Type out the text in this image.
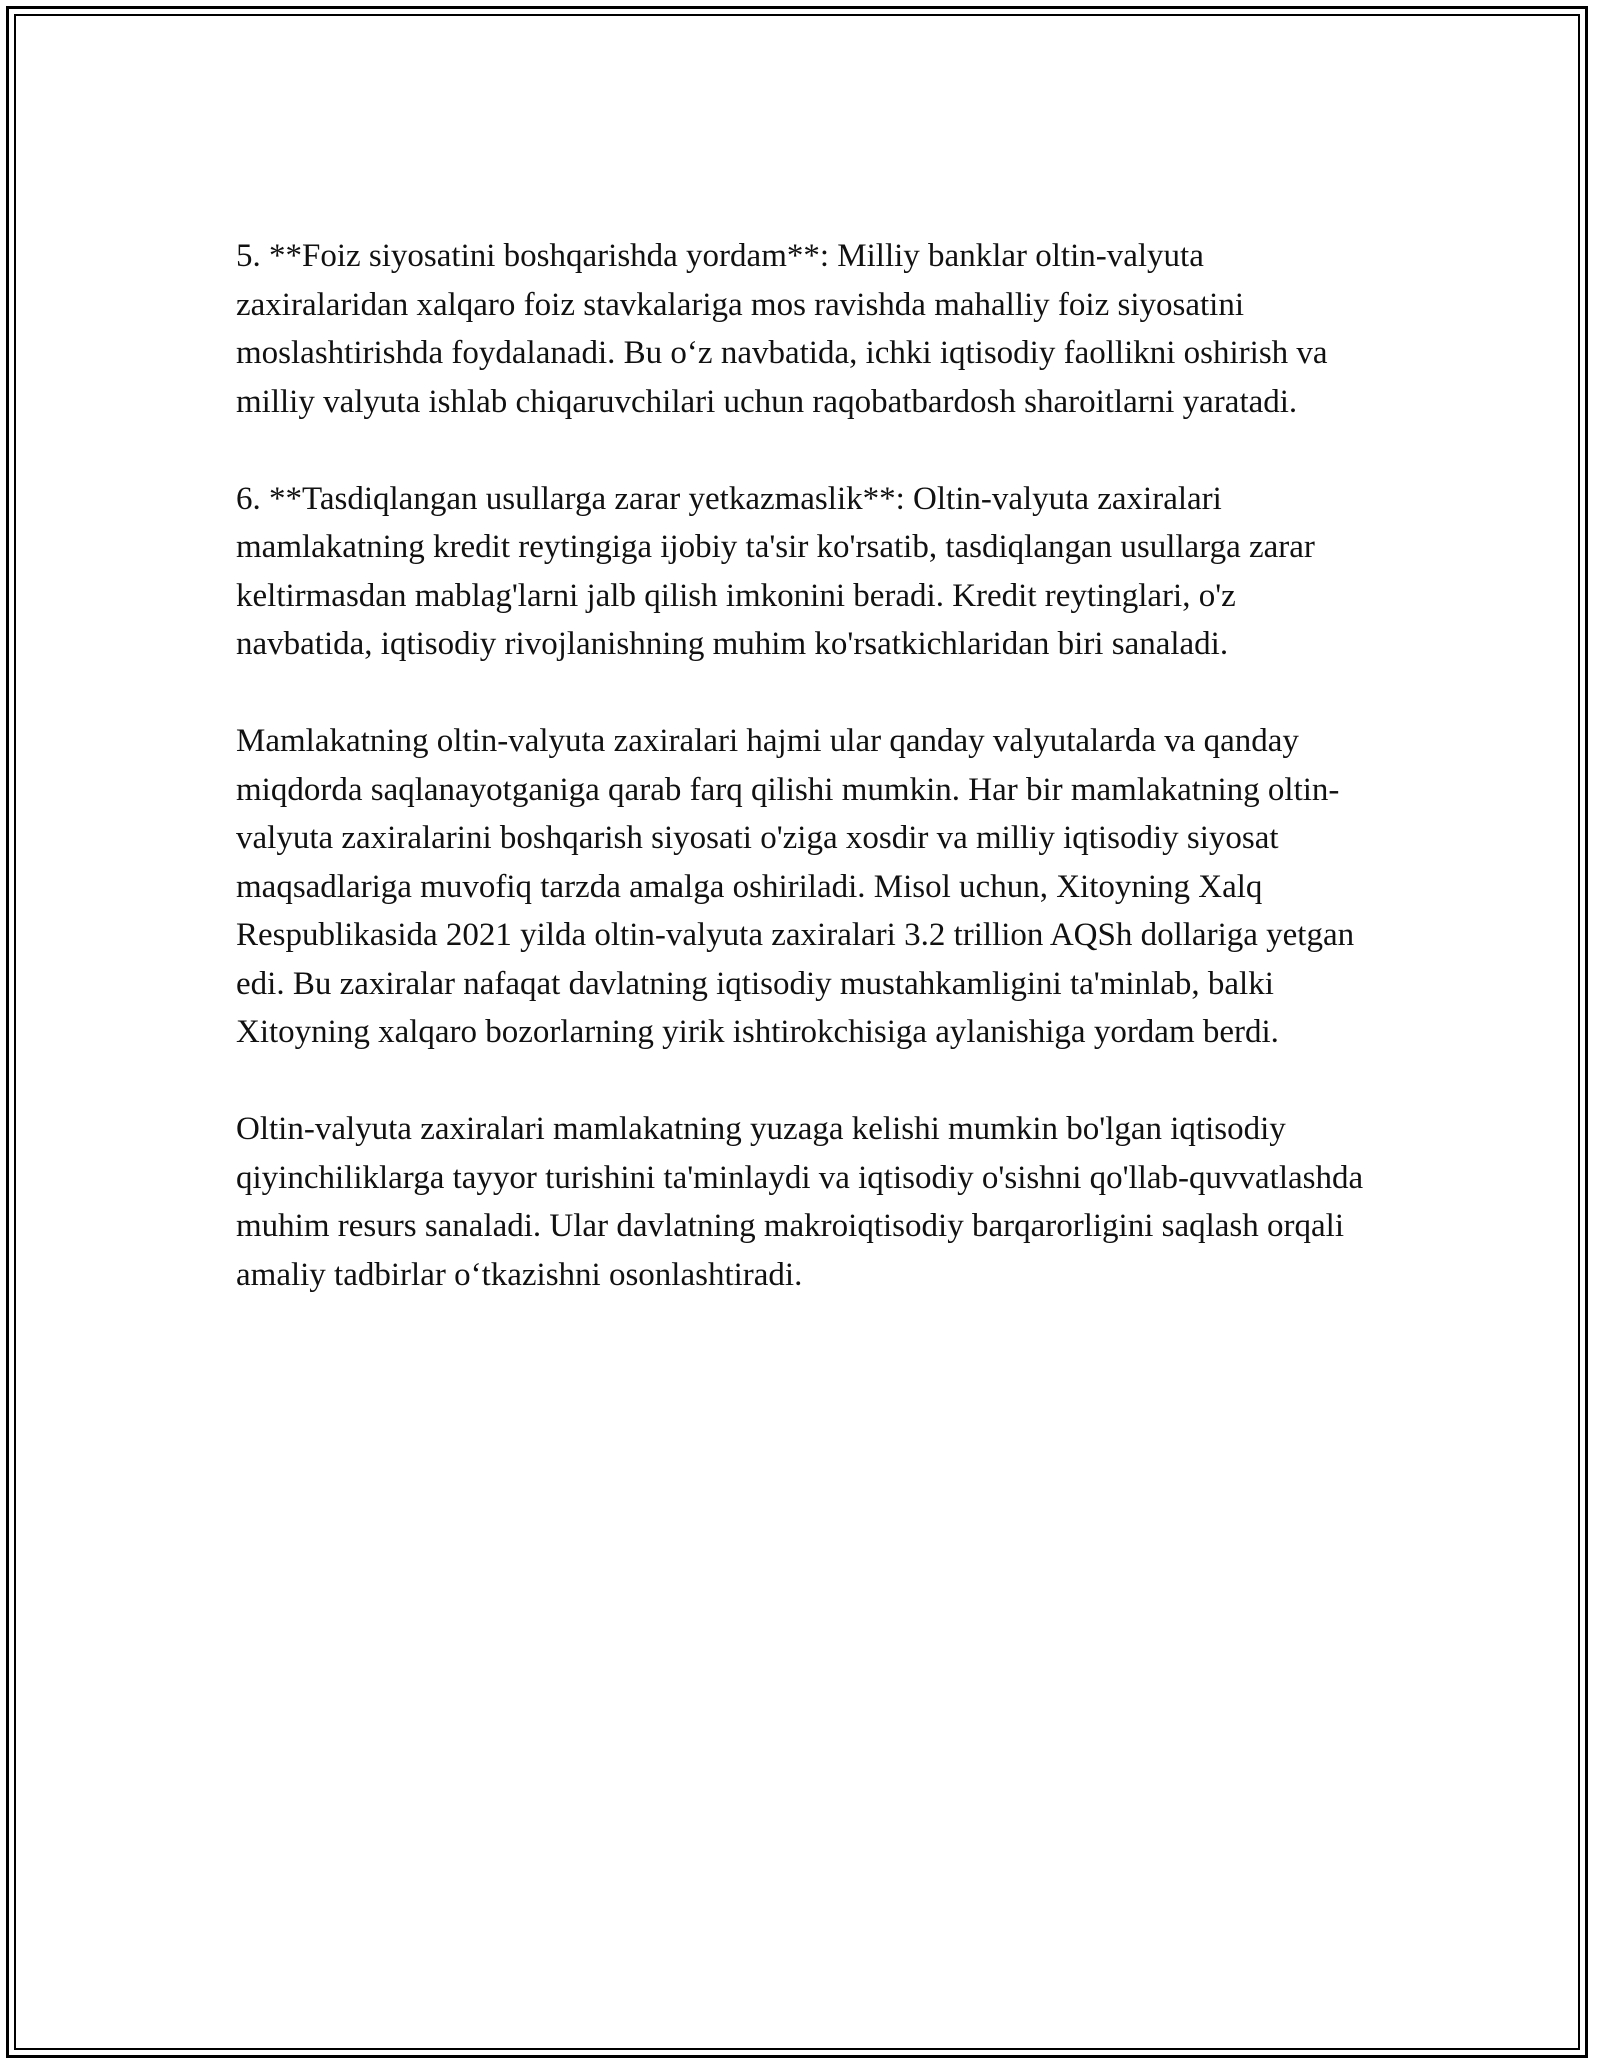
5. **Foiz siyosatini boshqarishda yordam**: Milliy banklar oltin-valyuta zaxiralaridan xalqaro foiz stavkalariga mos ravishda mahalliy foiz siyosatini moslashtirishda foydalanadi. Bu o‘z navbatida, ichki iqtisodiy faollikni oshirish va milliy valyuta ishlab chiqaruvchilari uchun raqobatbardosh sharoitlarni yaratadi.

6. **Tasdiqlangan usullarga zarar yetkazmaslik**: Oltin-valyuta zaxiralari mamlakatning kredit reytingiga ijobiy ta'sir ko'rsatib, tasdiqlangan usullarga zarar keltirmasdan mablag'larni jalb qilish imkonini beradi. Kredit reytinglari, o'z navbatida, iqtisodiy rivojlanishning muhim ko'rsatkichlaridan biri sanaladi.

Mamlakatning oltin-valyuta zaxiralari hajmi ular qanday valyutalarda va qanday miqdorda saqlanayotganiga qarab farq qilishi mumkin. Har bir mamlakatning oltin-valyuta zaxiralarini boshqarish siyosati o'ziga xosdir va milliy iqtisodiy siyosat maqsadlariga muvofiq tarzda amalga oshiriladi. Misol uchun, Xitoyning Xalq Respublikasida 2021 yilda oltin-valyuta zaxiralari 3.2 trillion AQSh dollariga yetgan edi. Bu zaxiralar nafaqat davlatning iqtisodiy mustahkamligini ta'minlab, balki Xitoyning xalqaro bozorlarning yirik ishtirokchisiga aylanishiga yordam berdi.

Oltin-valyuta zaxiralari mamlakatning yuzaga kelishi mumkin bo'lgan iqtisodiy qiyinchiliklarga tayyor turishini ta'minlaydi va iqtisodiy o'sishni qo'llab-quvvatlashda muhim resurs sanaladi. Ular davlatning makroiqtisodiy barqarorligini saqlash orqali amaliy tadbirlar o‘tkazishni osonlashtiradi.
